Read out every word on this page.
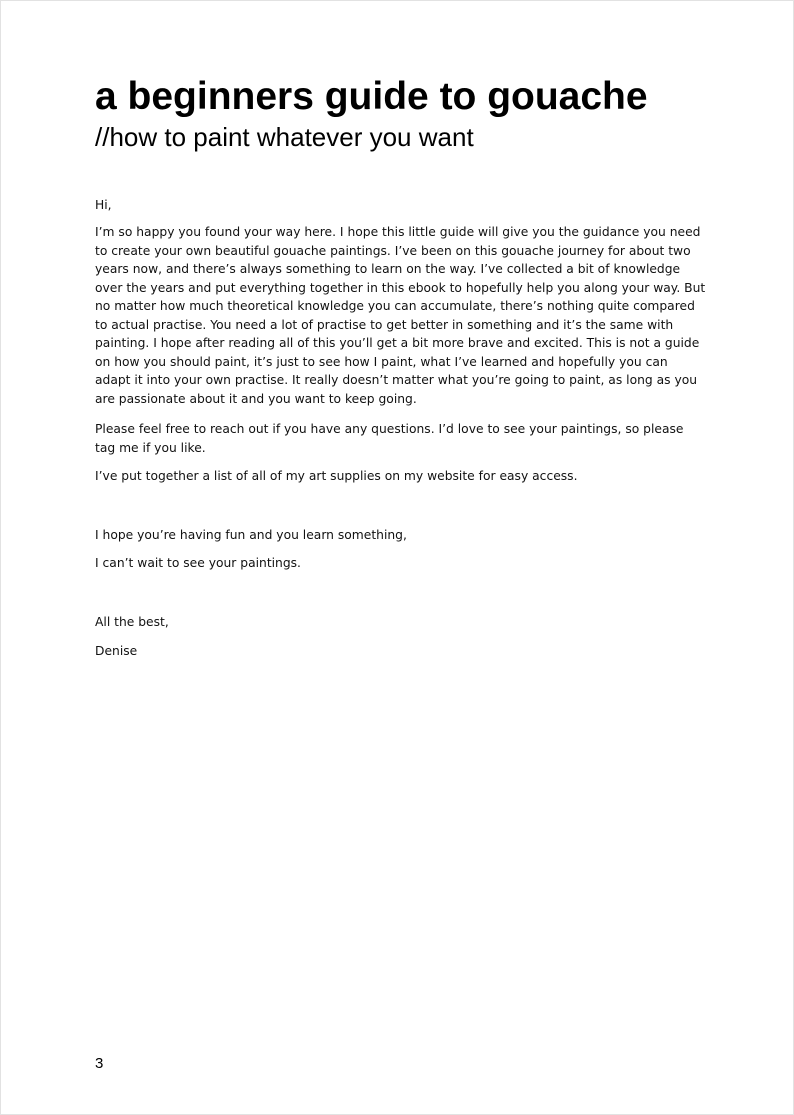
a beginners guide to gouache
//how to paint whatever you want

Hi,

I’m so happy you found your way here. I hope this little guide will give you the guidance you need to create your own beautiful gouache paintings. I’ve been on this gouache journey for about two years now, and there’s always something to learn on the way. I’ve collected a bit of knowledge over the years and put everything together in this ebook to hopefully help you along your way. But no matter how much theoretical knowledge you can accumulate, there’s nothing quite compared to actual practise. You need a lot of practise to get better in something and it’s the same with painting. I hope after reading all of this you’ll get a bit more brave and excited. This is not a guide on how you should paint, it’s just to see how I paint, what I’ve learned and hopefully you can adapt it into your own practise. It really doesn’t matter what you’re going to paint, as long as you are passionate about it and you want to keep going.

Please feel free to reach out if you have any questions. I’d love to see your paintings, so please tag me if you like.

I’ve put together a list of all of my art supplies on my website for easy access.

I hope you’re having fun and you learn something,

I can’t wait to see your paintings.

All the best,

Denise

3
